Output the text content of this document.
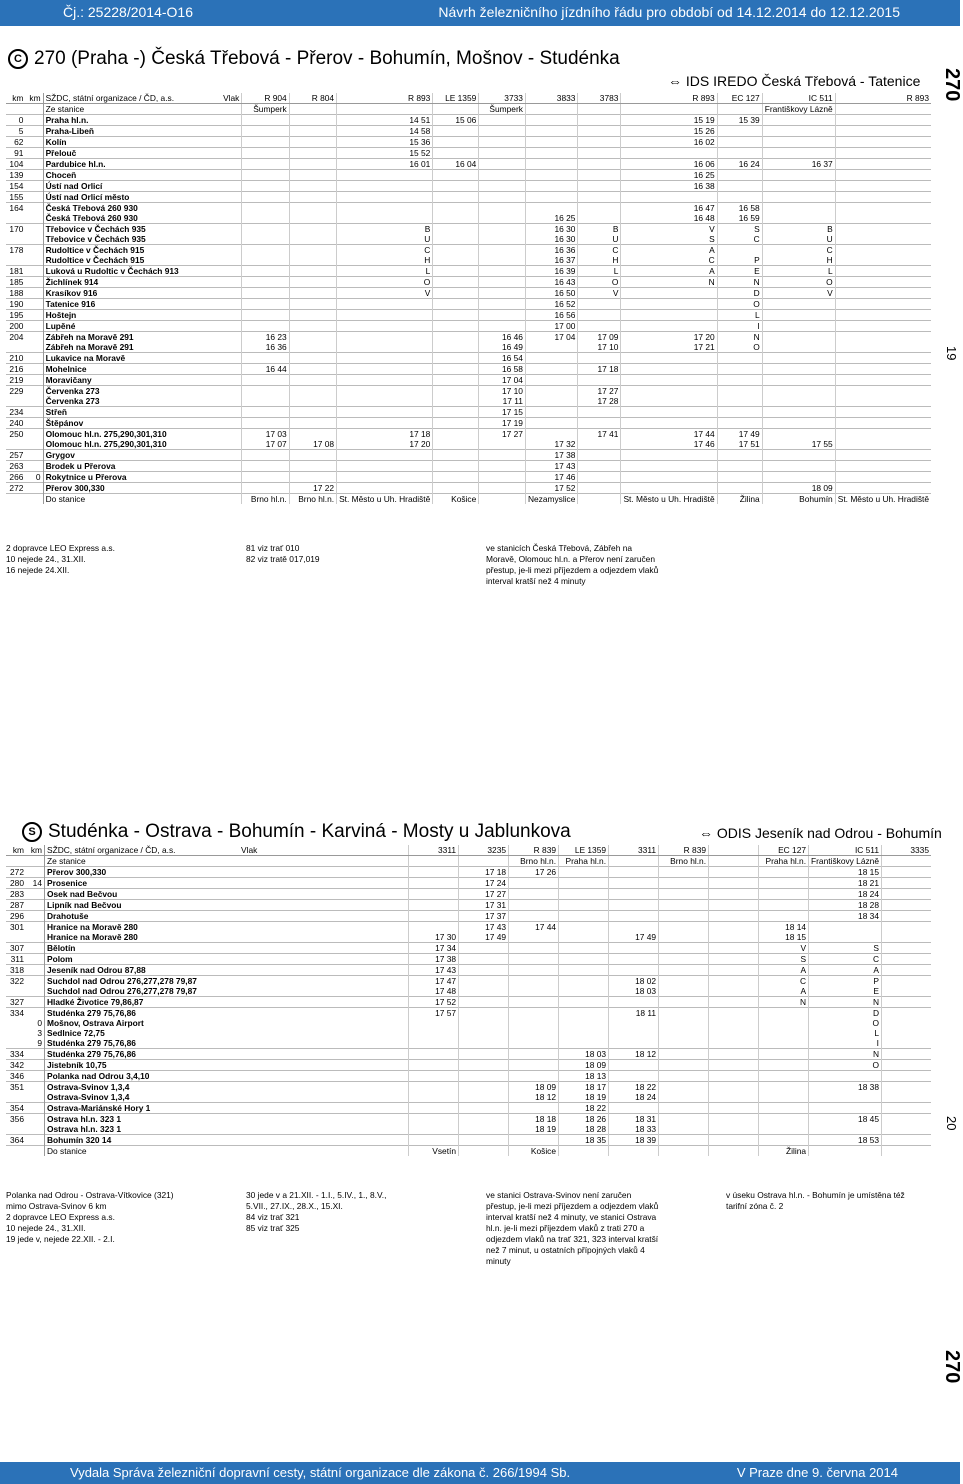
Čj.: 25228/2014-O16	Návrh železničního jízdního řádu pro období od 14.12.2014 do 12.12.2015
C 270 (Praha -) Česká Třebová - Přerov - Bohumín, Mošnov - Studénka
⇔ IDS IREDO Česká Třebová - Tatenice 270
19
km	km	SŽDC, státní organizace / ČD, a.s.	Vlak	R 904	R 804	R 893	LE 1359	3733	3833	3783	R 893	EC 127	IC 511	R 893
		Ze stanice		Šumperk				Šumperk					Františkovy Lázně	
0		Praha hl.n.				14 51	15 06				15 19	15 39		
5		Praha-Libeň				14 58					15 26			
62		Kolín				15 36					16 02			
91		Přelouč				15 52								
104		Pardubice hl.n.				16 01	16 04				16 06	16 24	16 37	
139		Choceň									16 25			
154		Ústí nad Orlicí									16 38			
155		Ústí nad Orlicí město												
164		Česká Třebová 260 930									16 47	16 58		
		Česká Třebová 260 930							16 25		16 48	16 59		
170		Třebovice v Čechách 935				B			16 30	B	V	S	B	
		Třebovice v Čechách 935				U			16 30	U	S	C	U	
178		Rudoltice v Čechách 915				C			16 36	C	A		C	
		Rudoltice v Čechách 915				H			16 37	H	C	P	H	
181		Luková u Rudoltic v Čechách 913				L			16 39	L	A	E	L	
185		Žichlínek 914				O			16 43	O	N	N	O	
188		Krasíkov 916				V			16 50	V		D	V	
190		Tatenice 916							16 52			O		
195		Hoštejn							16 56			L		
200		Lupěné							17 00			I		
204		Zábřeh na Moravě 291		16 23				16 46	17 04	17 09	17 20	N		
		Zábřeh na Moravě 291		16 36				16 49		17 10	17 21	O		
210		Lukavice na Moravě						16 54						
216		Mohelnice		16 44				16 58		17 18				
219		Moravičany						17 04						
229		Červenka 273						17 10		17 27				
		Červenka 273						17 11		17 28				
234		Střeň						17 15						
240		Štěpánov						17 19						
250		Olomouc hl.n. 275,290,301,310		17 03		17 18		17 27		17 41	17 44	17 49		
		Olomouc hl.n. 275,290,301,310		17 07	17 08	17 20			17 32		17 46	17 51	17 55	
257		Grygov							17 38					
263		Brodek u Přerova							17 43					
266	0	Rokytnice u Přerova							17 46					
272		Přerov 300,330			17 22				17 52				18 09	
		Do stanice		Brno hl.n.	Brno hl.n.	St. Město u Uh. Hradiště	Košice		Nezamyslice		St. Město u Uh. Hradiště	Žilina	Bohumín	St. Město u Uh. Hradiště
2 dopravce LEO Express a.s.
10 nejede 24., 31.XII.
16 nejede 24.XII.
81 viz trať 010
82 viz tratě 017,019
ve stanicích Česká Třebová, Zábřeh na
Moravě, Olomouc hl.n. a Přerov není zaručen
přestup, je-li mezi příjezdem a odjezdem vlaků
interval kratší než 4 minuty
S Studénka - Ostrava - Bohumín - Karviná - Mosty u Jablunkova	⇔ ODIS Jeseník nad Odrou - Bohumín
20
270
km	km	SŽDC, státní organizace / ČD, a.s.	Vlak	3311	3235	R 839	LE 1359	3311	R 839		EC 127	IC 511	3335
		Ze stanice				Brno hl.n.	Praha hl.n.		Brno hl.n.		Praha hl.n.	Františkovy Lázně	
272		Přerov 300,330			17 18	17 26						18 15	
280	14	Prosenice			17 24							18 21	
283		Osek nad Bečvou			17 27							18 24	
287		Lipník nad Bečvou			17 31							18 28	
296		Drahotuše			17 37							18 34	
301		Hranice na Moravě 280			17 43	17 44					18 14		
		Hranice na Moravě 280		17 30	17 49			17 49			18 15		
307		Bělotín		17 34							V	S	
311		Polom		17 38							S	C	
318		Jeseník nad Odrou 87,88		17 43							A	A	
322		Suchdol nad Odrou 276,277,278 79,87		17 47				18 02			C	P	
		Suchdol nad Odrou 276,277,278 79,87		17 48				18 03			A	E	
327		Hladké Životice 79,86,87		17 52							N	N	
334		Studénka 279 75,76,86		17 57				18 11				D	
	0	Mošnov, Ostrava Airport										O	
	3	Sedlnice 72,75										L	
	9	Studénka 279 75,76,86										I	
334		Studénka 279 75,76,86					18 03	18 12				N	
342		Jistebník 10,75					18 09					O	
346		Polanka nad Odrou 3,4,10					18 13						
351		Ostrava-Svinov 1,3,4				18 09	18 17	18 22				18 38	
		Ostrava-Svinov 1,3,4				18 12	18 19	18 24					
354		Ostrava-Mariánské Hory 1					18 22						
356		Ostrava hl.n. 323 1				18 18	18 26	18 31				18 45	
		Ostrava hl.n. 323 1				18 19	18 28	18 33					
364		Bohumín 320 14					18 35	18 39				18 53	
		Do stanice		Vsetín		Košice					Žilina		
Polanka nad Odrou - Ostrava-Vítkovice (321)
mimo Ostrava-Svinov 6 km
2 dopravce LEO Express a.s.
10 nejede 24., 31.XII.
19 jede v, nejede 22.XII. - 2.I.
30 jede v a 21.XII. - 1.I., 5.IV., 1., 8.V.,
5.VII., 27.IX., 28.X., 15.XI.
84 viz trať 321
85 viz trať 325
ve stanici Ostrava-Svinov není zaručen
přestup, je-li mezi příjezdem a odjezdem vlaků
interval kratší než 4 minuty, ve stanici Ostrava
hl.n. je-li mezi příjezdem vlaků z trati 270 a
odjezdem vlaků na trať 321, 323 interval kratší
než 7 minut, u ostatních přípojných vlaků 4
minuty
v úseku Ostrava hl.n. - Bohumín je umístěna též
tarifní zóna č. 2
Vydala Správa železniční dopravní cesty, státní organizace dle zákona č. 266/1994 Sb.	V Praze dne 9. června 2014
